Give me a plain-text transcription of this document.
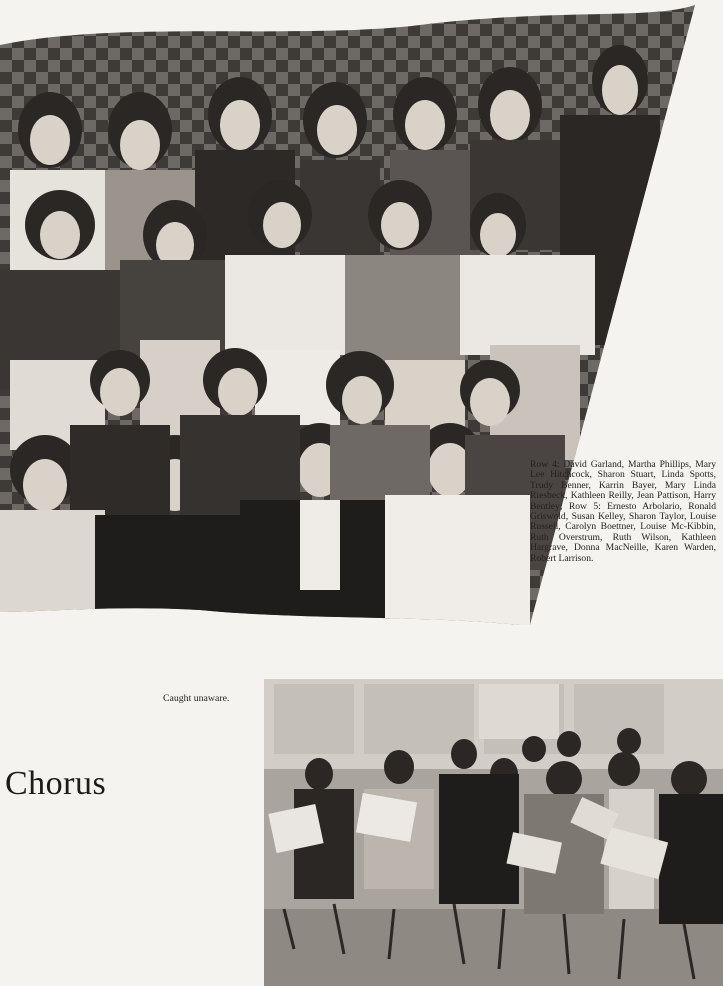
Row 4: David Garland, Martha Phillips, Mary Lee Hitchcock, Sharon Stuart, Linda Spotts, Trudy Benner, Karrin Bayer, Mary Linda Riesbeck, Kathleen Reilly, Jean Pattison, Harry Bentley; Row 5: Ernesto Arbolario, Ronald Griswold, Susan Kelley, Sharon Taylor, Louise Russell, Carolyn Boettner, Louise Mc-Kibbin, Ruth Overstrum, Ruth Wilson, Kathleen Hargrave, Donna MacNeille, Karen Warden, Robert Larrison.
Caught unaware.
Chorus
